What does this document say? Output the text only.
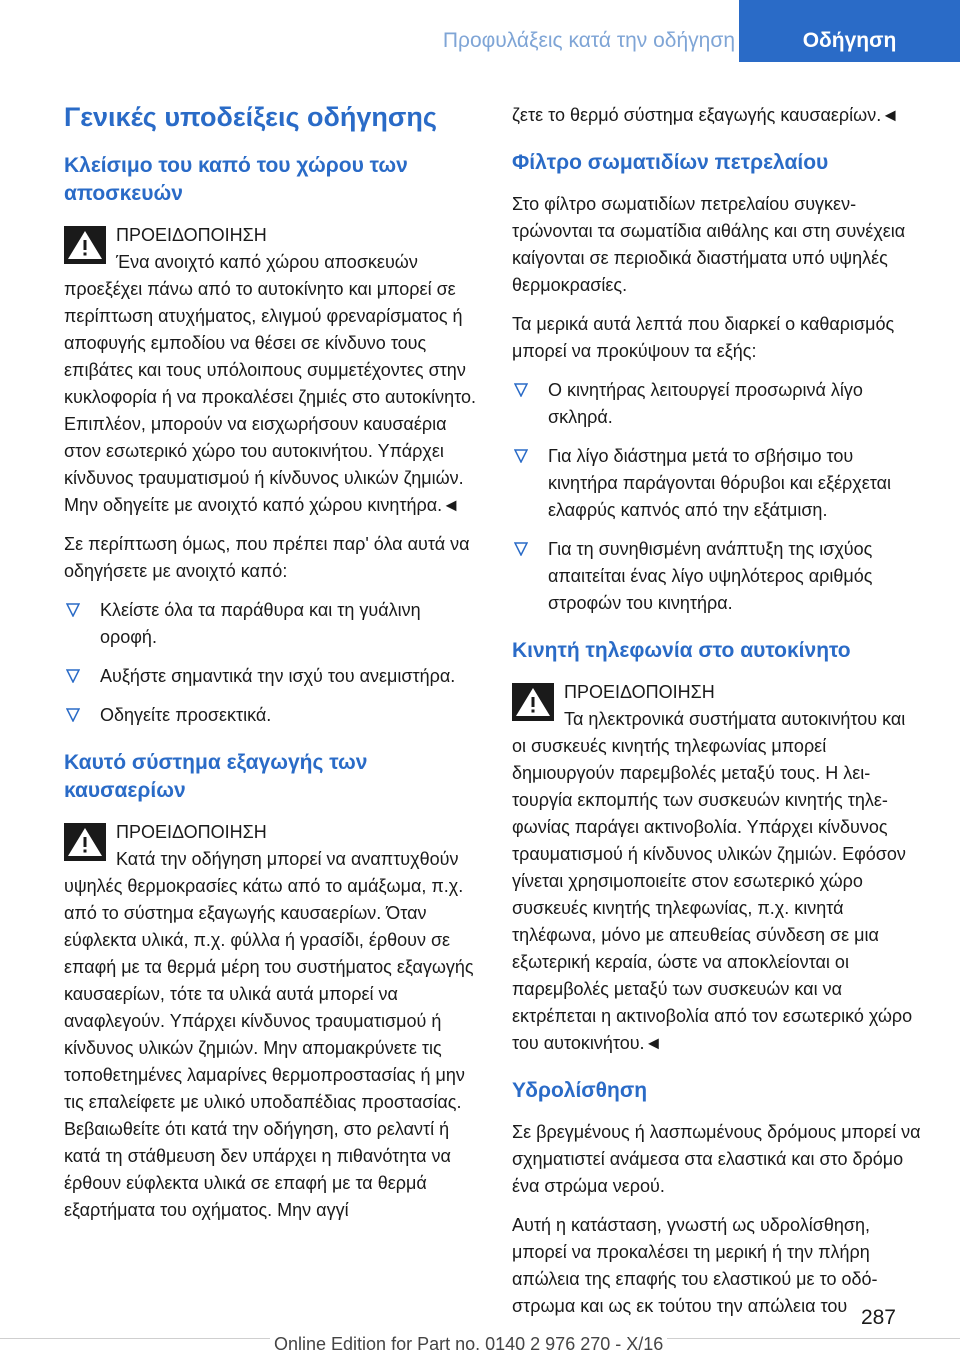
Προφυλάξεις κατά την οδήγηση	Οδήγηση
Γενικές υποδείξεις οδήγησης
Κλείσιμο του καπό του χώρου των αποσκευών
ΠΡΟΕΙΔΟΠΟΙΗΣΗ
Ένα ανοιχτό καπό χώρου αποσκευών προεξέχει πάνω από το αυτοκίνητο και μπορεί σε περίπτωση ατυχήματος, ελιγμού φρεναρίσματος ή αποφυγής εμποδίου να θέσει σε κίνδυνο τους επιβάτες και τους υπόλοιπους συμμετέχοντες στην κυκλοφορία ή να προκαλέσει ζημιές στο αυτοκίνητο. Επιπλέον, μπορούν να εισχωρήσουν καυσαέρια στον εσωτερικό χώρο του αυτοκινήτου. Υπάρχει κίνδυνος τραυματισμού ή κίνδυνος υλικών ζημιών. Μην οδηγείτε με ανοιχτό καπό χώρου κινητήρα.◄
Σε περίπτωση όμως, που πρέπει παρ' όλα αυτά να οδηγήσετε με ανοιχτό καπό:
Κλείστε όλα τα παράθυρα και τη γυάλινη οροφή.
Αυξήστε σημαντικά την ισχύ του ανεμιστήρα.
Οδηγείτε προσεκτικά.
Καυτό σύστημα εξαγωγής των καυσαερίων
ΠΡΟΕΙΔΟΠΟΙΗΣΗ
Κατά την οδήγηση μπορεί να αναπτυχθούν υψηλές θερμοκρασίες κάτω από το αμάξωμα, π.χ. από το σύστημα εξαγωγής καυσαερίων. Όταν εύφλεκτα υλικά, π.χ. φύλλα ή γρασίδι, έρθουν σε επαφή με τα θερμά μέρη του συστήματος εξαγωγής καυσαερίων, τότε τα υλικά αυτά μπορεί να αναφλεγούν. Υπάρχει κίνδυνος τραυματισμού ή κίνδυνος υλικών ζημιών. Μην απομακρύνετε τις τοποθετημένες λαμαρίνες θερμοπροστασίας ή μην τις επαλείφετε με υλικό υποδαπέδιας προστασίας. Βεβαιωθείτε ότι κατά την οδήγηση, στο ρελαντί ή κατά τη στάθμευση δεν υπάρχει η πιθανότητα να έρθουν εύφλεκτα υλικά σε επαφή με τα θερμά εξαρτήματα του οχήματος. Μην αγγί
ζετε το θερμό σύστημα εξαγωγής καυσαερίων.◄
Φίλτρο σωματιδίων πετρελαίου
Στο φίλτρο σωματιδίων πετρελαίου συγκεντρώνονται τα σωματίδια αιθάλης και στη συνέχεια καίγονται σε περιοδικά διαστήματα υπό υψηλές θερμοκρασίες.
Τα μερικά αυτά λεπτά που διαρκεί ο καθαρισμός μπορεί να προκύψουν τα εξής:
Ο κινητήρας λειτουργεί προσωρινά λίγο σκληρά.
Για λίγο διάστημα μετά το σβήσιμο του κινητήρα παράγονται θόρυβοι και εξέρχεται ελαφρύς καπνός από την εξάτμιση.
Για τη συνηθισμένη ανάπτυξη της ισχύος απαιτείται ένας λίγο υψηλότερος αριθμός στροφών του κινητήρα.
Κινητή τηλεφωνία στο αυτοκίνητο
ΠΡΟΕΙΔΟΠΟΙΗΣΗ
Τα ηλεκτρονικά συστήματα αυτοκινήτου και οι συσκευές κινητής τηλεφωνίας μπορεί δημιουργούν παρεμβολές μεταξύ τους. Η λειτουργία εκπομπής των συσκευών κινητής τηλεφωνίας παράγει ακτινοβολία. Υπάρχει κίνδυνος τραυματισμού ή κίνδυνος υλικών ζημιών. Εφόσον γίνεται χρησιμοποιείτε στον εσωτερικό χώρο συσκευές κινητής τηλεφωνίας, π.χ. κινητά τηλέφωνα, μόνο με απευθείας σύνδεση σε μια εξωτερική κεραία, ώστε να αποκλείονται οι παρεμβολές μεταξύ των συσκευών και να εκτρέπεται η ακτινοβολία από τον εσωτερικό χώρο του αυτοκινήτου.◄
Υδρολίσθηση
Σε βρεγμένους ή λασπωμένους δρόμους μπορεί να σχηματιστεί ανάμεσα στα ελαστικά και στο δρόμο ένα στρώμα νερού.
Αυτή η κατάσταση, γνωστή ως υδρολίσθηση, μπορεί να προκαλέσει τη μερική ή την πλήρη απώλεια της επαφής του ελαστικού με το οδόστρωμα και ως εκ τούτου την απώλεια του 287
Online Edition for Part no. 0140 2 976 270 - X/16
